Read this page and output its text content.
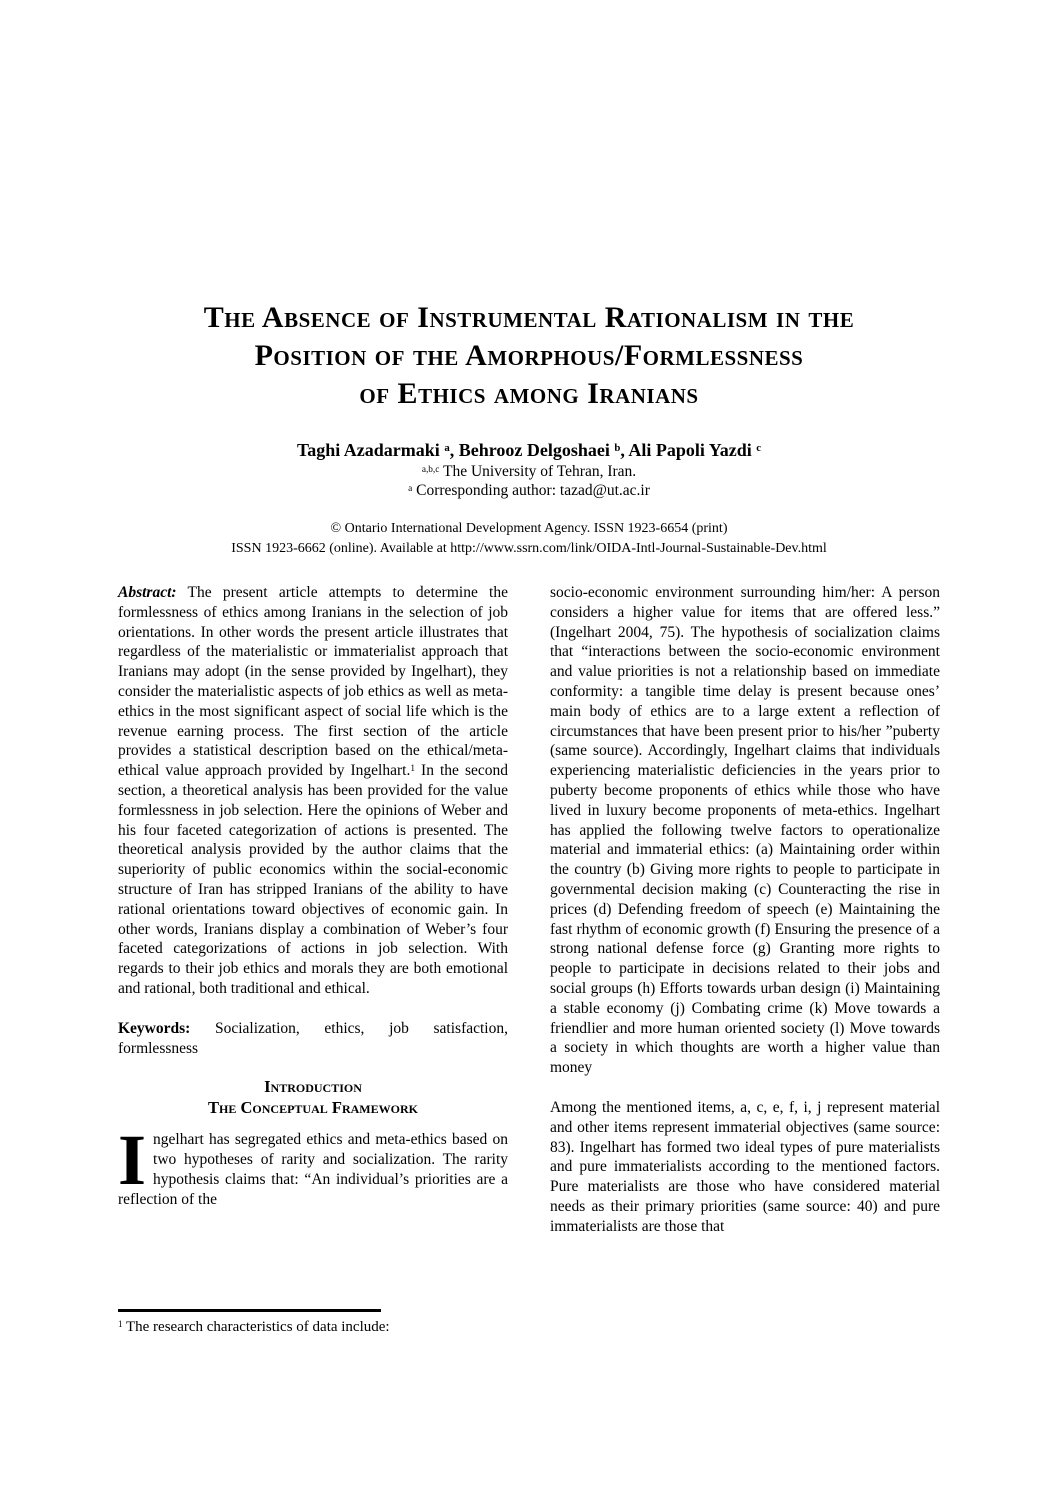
The Absence of Instrumental Rationalism in the
Position of the Amorphous/Formlessness
of Ethics among Iranians
Taghi Azadarmaki $^a$, Behrooz Delgoshaei $^b$, Ali Papoli Yazdi $^c$
$^{a,b,c}$ The University of Tehran, Iran.
$^a$ Corresponding author: tazad@ut.ac.ir
© Ontario International Development Agency. ISSN 1923-6654 (print)
ISSN 1923-6662 (online). Available at http://www.ssrn.com/link/OIDA-Intl-Journal-Sustainable-Dev.html

Abstract: The present article attempts to determine the formlessness of ethics among Iranians in the selection of job orientations. In other words the present article illustrates that regardless of the materialistic or immaterialist approach that Iranians may adopt (in the sense provided by Ingelhart), they consider the materialistic aspects of job ethics as well as meta-ethics in the most significant aspect of social life which is the revenue earning process. The first section of the article provides a statistical description based on the ethical/meta-ethical value approach provided by Ingelhart.$^1$ In the second section, a theoretical analysis has been provided for the value formlessness in job selection. Here the opinions of Weber and his four faceted categorization of actions is presented. The theoretical analysis provided by the author claims that the superiority of public economics within the social-economic structure of Iran has stripped Iranians of the ability to have rational orientations toward objectives of economic gain. In other words, Iranians display a combination of Weber’s four faceted categorizations of actions in job selection. With regards to their job ethics and morals they are both emotional and rational, both traditional and ethical.

Keywords: Socialization, ethics, job satisfaction, formlessness

Introduction
The Conceptual Framework

Ingelhart has segregated ethics and meta-ethics based on two hypotheses of rarity and socialization. The rarity hypothesis claims that: “An individual’s priorities are a reflection of the

$^1$ The research characteristics of data include:

socio-economic environment surrounding him/her: A person considers a higher value for items that are offered less.” (Ingelhart 2004, 75). The hypothesis of socialization claims that “interactions between the socio-economic environment and value priorities is not a relationship based on immediate conformity: a tangible time delay is present because ones’ main body of ethics are to a large extent a reflection of circumstances that have been present prior to his/her ”puberty (same source). Accordingly, Ingelhart claims that individuals experiencing materialistic deficiencies in the years prior to puberty become proponents of ethics while those who have lived in luxury become proponents of meta-ethics. Ingelhart has applied the following twelve factors to operationalize material and immaterial ethics: (a) Maintaining order within the country (b) Giving more rights to people to participate in governmental decision making (c) Counteracting the rise in prices (d) Defending freedom of speech (e) Maintaining the fast rhythm of economic growth (f) Ensuring the presence of a strong national defense force (g) Granting more rights to people to participate in decisions related to their jobs and social groups (h) Efforts towards urban design (i) Maintaining a stable economy (j) Combating crime (k) Move towards a friendlier and more human oriented society (l) Move towards a society in which thoughts are worth a higher value than money

Among the mentioned items, a, c, e, f, i, j represent material and other items represent immaterial objectives (same source: 83). Ingelhart has formed two ideal types of pure materialists and pure immaterialists according to the mentioned factors. Pure materialists are those who have considered material needs as their primary priorities (same source: 40) and pure immaterialists are those that
